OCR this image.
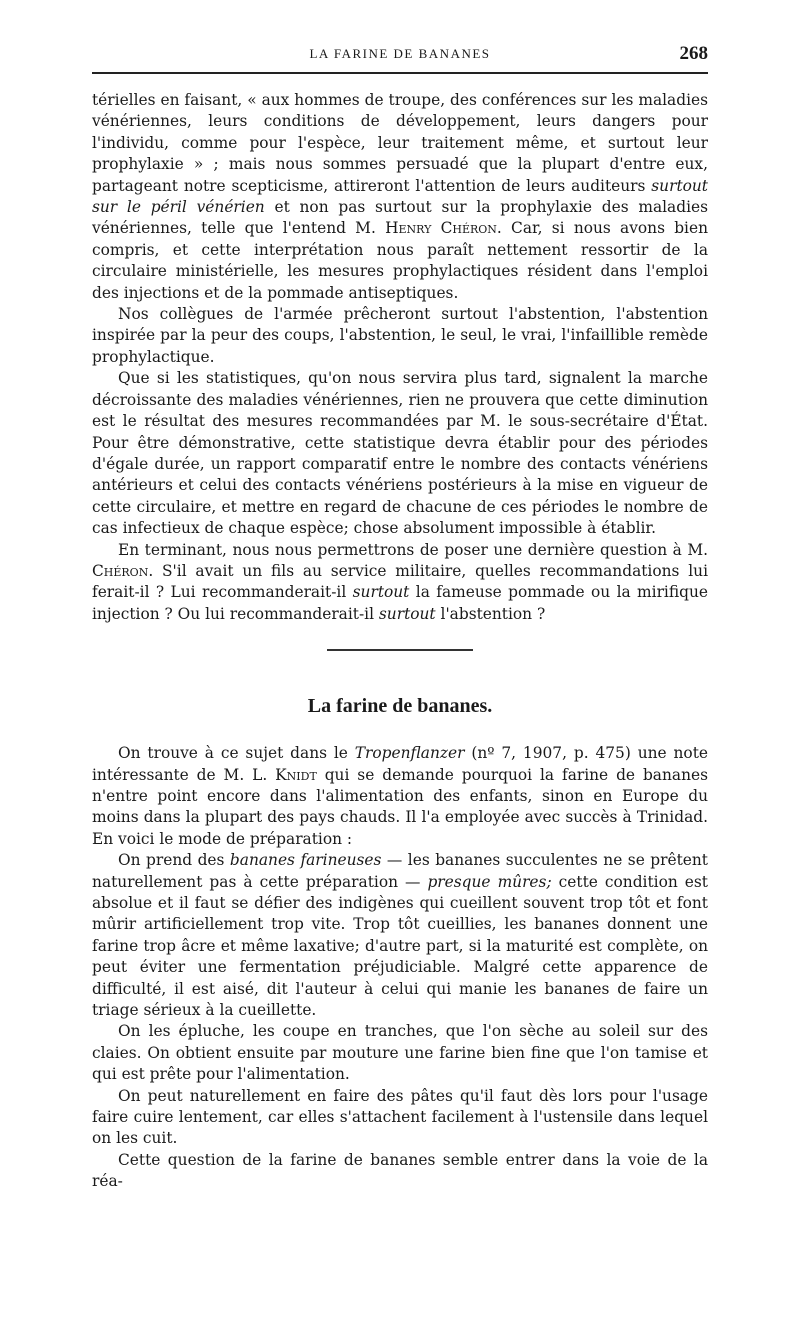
LA FARINE DE BANANES	268

térielles en faisant, « aux hommes de troupe, des conférences sur les maladies vénériennes, leurs conditions de développement, leurs dangers pour l'individu, comme pour l'espèce, leur traitement même, et surtout leur prophylaxie » ; mais nous sommes persuadé que la plupart d'entre eux, partageant notre scepticisme, attireront l'attention de leurs auditeurs surtout sur le péril vénérien et non pas surtout sur la prophylaxie des maladies vénériennes, telle que l'entend M. Henry Chéron. Car, si nous avons bien compris, et cette interprétation nous paraît nettement ressortir de la circulaire ministérielle, les mesures prophylactiques résident dans l'emploi des injections et de la pommade antiseptiques.

Nos collègues de l'armée prêcheront surtout l'abstention, l'abstention inspirée par la peur des coups, l'abstention, le seul, le vrai, l'infaillible remède prophylactique.

Que si les statistiques, qu'on nous servira plus tard, signalent la marche décroissante des maladies vénériennes, rien ne prouvera que cette diminution est le résultat des mesures recommandées par M. le sous-secrétaire d'État. Pour être démonstrative, cette statistique devra établir pour des périodes d'égale durée, un rapport comparatif entre le nombre des contacts vénériens antérieurs et celui des contacts vénériens postérieurs à la mise en vigueur de cette circulaire, et mettre en regard de chacune de ces périodes le nombre de cas infectieux de chaque espèce; chose absolument impossible à établir.

En terminant, nous nous permettrons de poser une dernière question à M. Chéron. S'il avait un fils au service militaire, quelles recommandations lui ferait-il ? Lui recommanderait-il surtout la fameuse pommade ou la mirifique injection ? Ou lui recommanderait-il surtout l'abstention ?

La farine de bananes.

On trouve à ce sujet dans le Tropenflanzer (nº 7, 1907, p. 475) une note intéressante de M. L. Knidt qui se demande pourquoi la farine de bananes n'entre point encore dans l'alimentation des enfants, sinon en Europe du moins dans la plupart des pays chauds. Il l'a employée avec succès à Trinidad. En voici le mode de préparation :

On prend des bananes farineuses — les bananes succulentes ne se prêtent naturellement pas à cette préparation — presque mûres; cette condition est absolue et il faut se défier des indigènes qui cueillent souvent trop tôt et font mûrir artificiellement trop vite. Trop tôt cueillies, les bananes donnent une farine trop âcre et même laxative; d'autre part, si la maturité est complète, on peut éviter une fermentation préjudiciable. Malgré cette apparence de difficulté, il est aisé, dit l'auteur à celui qui manie les bananes de faire un triage sérieux à la cueillette.

On les épluche, les coupe en tranches, que l'on sèche au soleil sur des claies. On obtient ensuite par mouture une farine bien fine que l'on tamise et qui est prête pour l'alimentation.

On peut naturellement en faire des pâtes qu'il faut dès lors pour l'usage faire cuire lentement, car elles s'attachent facilement à l'ustensile dans lequel on les cuit.

Cette question de la farine de bananes semble entrer dans la voie de la réa-
